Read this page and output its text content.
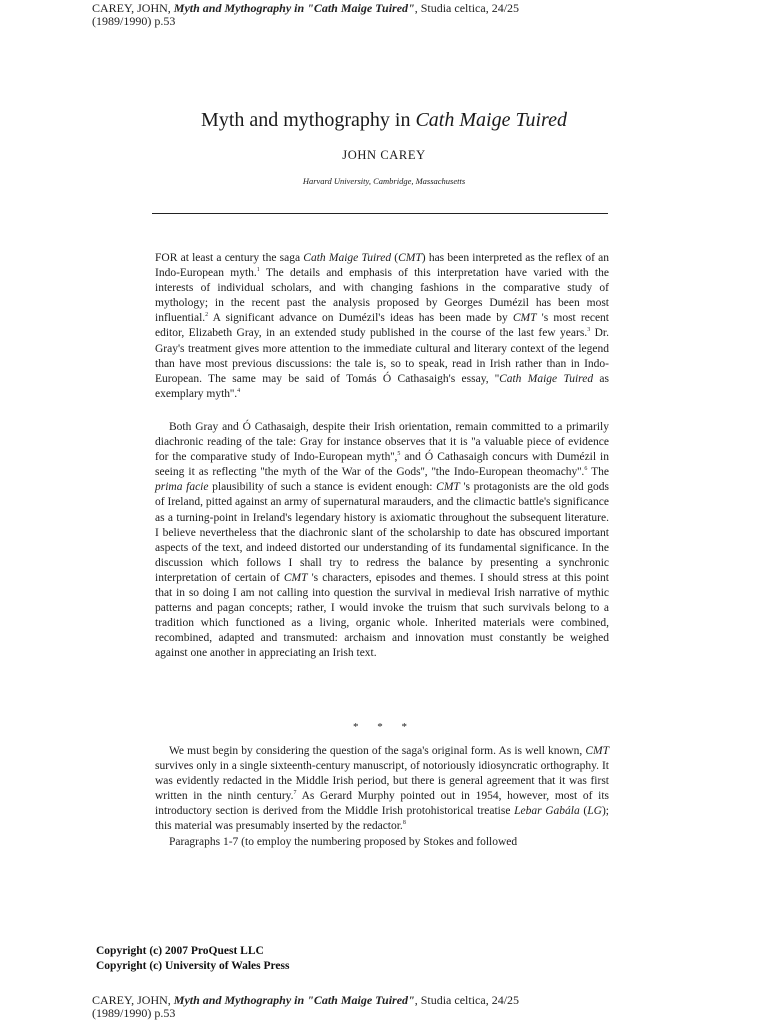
CAREY, JOHN, Myth and Mythography in "Cath Maige Tuired", Studia celtica, 24/25
(1989/1990) p.53
Myth and mythography in Cath Maige Tuired
JOHN CAREY
Harvard University, Cambridge, Massachusetts
FOR at least a century the saga Cath Maige Tuired (CMT) has been interpreted as the reflex of an Indo-European myth.$^1$ The details and emphasis of this interpretation have varied with the interests of individual scholars, and with changing fashions in the comparative study of mythology; in the recent past the analysis proposed by Georges Dumézil has been most influential.$^2$ A significant advance on Dumézil's ideas has been made by CMT 's most recent editor, Elizabeth Gray, in an extended study published in the course of the last few years.$^3$ Dr. Gray's treatment gives more attention to the immediate cultural and literary context of the legend than have most previous discussions: the tale is, so to speak, read in Irish rather than in Indo-European. The same may be said of Tomás Ó Cathasaigh's essay, ''Cath Maige Tuired as exemplary myth''.$^4$
Both Gray and Ó Cathasaigh, despite their Irish orientation, remain committed to a primarily diachronic reading of the tale: Gray for instance observes that it is ''a valuable piece of evidence for the comparative study of Indo-European myth'',$^5$ and Ó Cathasaigh concurs with Dumézil in seeing it as reflecting ''the myth of the War of the Gods'', ''the Indo-European theomachy''.$^6$ The prima facie plausibility of such a stance is evident enough: CMT 's protagonists are the old gods of Ireland, pitted against an army of supernatural marauders, and the climactic battle's significance as a turning-point in Ireland's legendary history is axiomatic throughout the subsequent literature. I believe nevertheless that the diachronic slant of the scholarship to date has obscured important aspects of the text, and indeed distorted our understanding of its fundamental significance. In the discussion which follows I shall try to redress the balance by presenting a synchronic interpretation of certain of CMT 's characters, episodes and themes. I should stress at this point that in so doing I am not calling into question the survival in medieval Irish narrative of mythic patterns and pagan concepts; rather, I would invoke the truism that such survivals belong to a tradition which functioned as a living, organic whole. Inherited materials were combined, recombined, adapted and transmuted: archaism and innovation must constantly be weighed against one another in appreciating an Irish text.
* * *
We must begin by considering the question of the saga's original form. As is well known, CMT survives only in a single sixteenth-century manuscript, of notoriously idiosyncratic orthography. It was evidently redacted in the Middle Irish period, but there is general agreement that it was first written in the ninth century.$^7$ As Gerard Murphy pointed out in 1954, however, most of its introductory section is derived from the Middle Irish protohistorical treatise Lebar Gabála (LG); this material was presumably inserted by the redactor.$^8$
Paragraphs 1-7 (to employ the numbering proposed by Stokes and followed
Copyright (c) 2007 ProQuest LLC
Copyright (c) University of Wales Press
CAREY, JOHN, Myth and Mythography in "Cath Maige Tuired", Studia celtica, 24/25
(1989/1990) p.53
